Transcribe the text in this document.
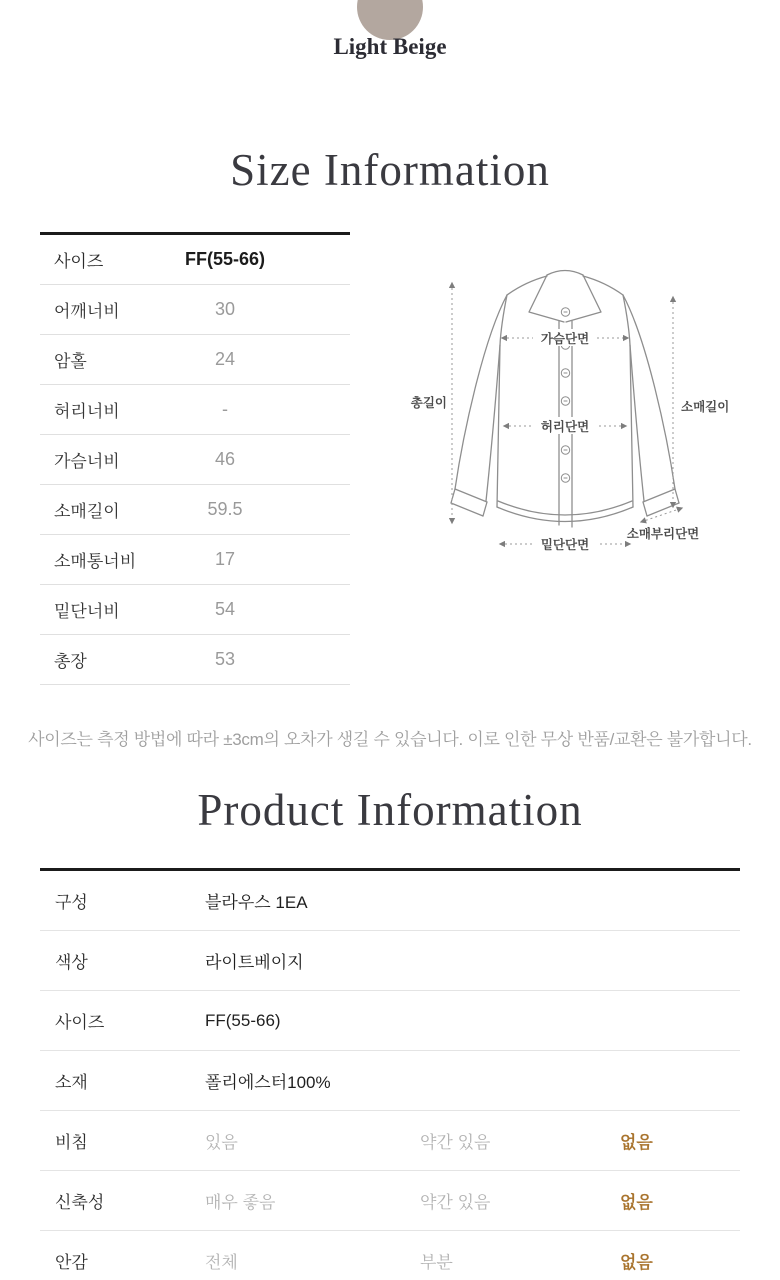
Light Beige
Size Information
사이즈	FF(55-66)
어깨너비	30
암홀	24
허리너비	-
가슴너비	46
소매길이	59.5
소매통너비	17
밑단너비	54
총장	53
가슴단면
허리단면
밑단단면
총길이	소매길이
소매부리단면

사이즈는 측정 방법에 따라 ±3cm의 오차가 생길 수 있습니다. 이로 인한 무상 반품/교환은 불가합니다.

Product Information
구성	블라우스 1EA
색상	라이트베이지
사이즈	FF(55-66)
소재	폴리에스터100%
비침	있음	약간 있음	없음
신축성	매우 좋음	약간 있음	없음
안감	전체	부분	없음
